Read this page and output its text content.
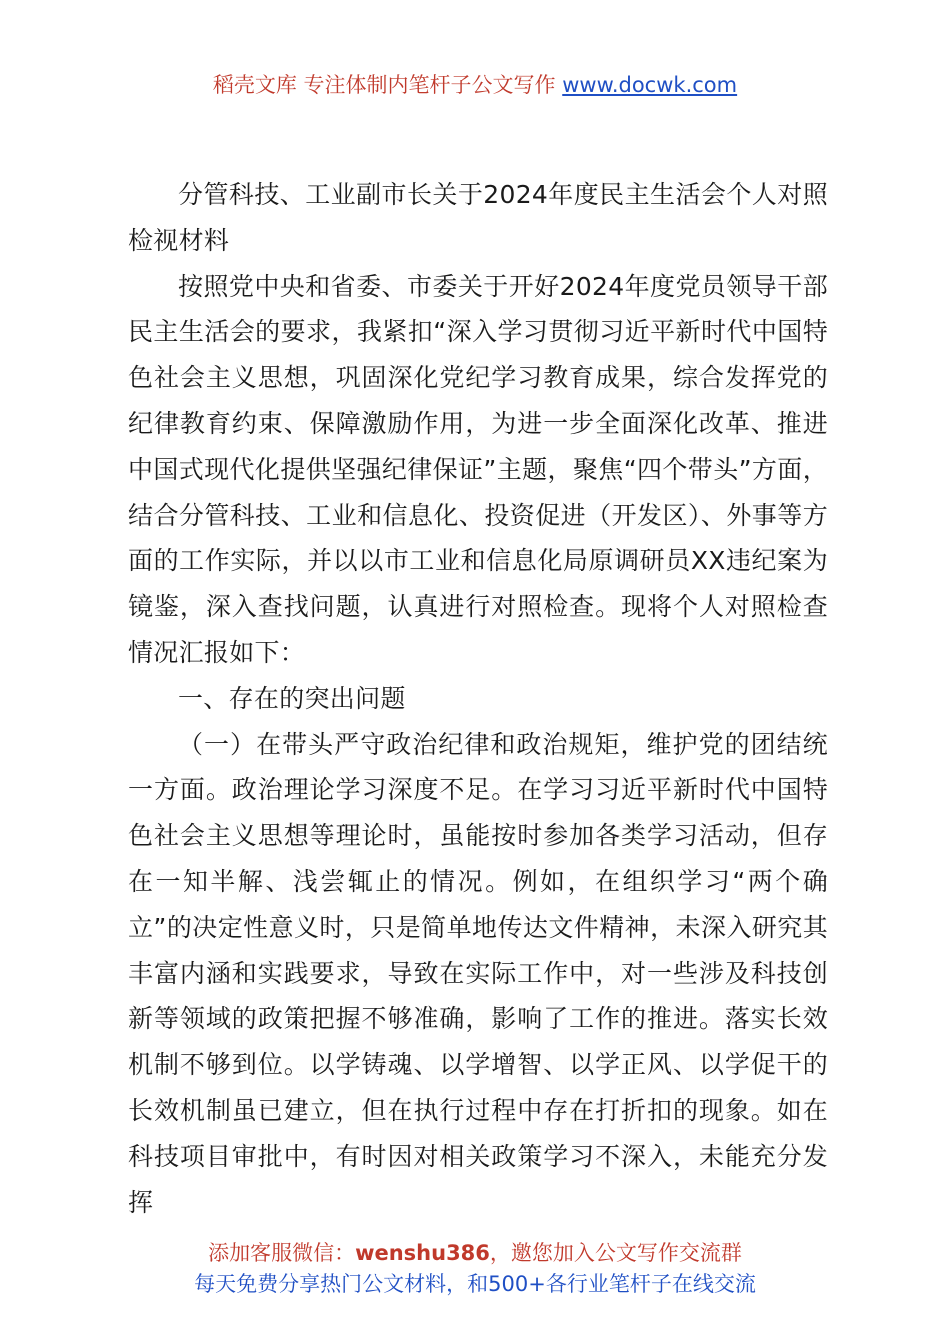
稻壳文库 专注体制内笔杆子公文写作 www.docwk.com

分管科技、工业副市长关于2024年度民主生活会个人对照检视材料

按照党中央和省委、市委关于开好2024年度党员领导干部民主生活会的要求，我紧扣“深入学习贯彻习近平新时代中国特色社会主义思想，巩固深化党纪学习教育成果，综合发挥党的纪律教育约束、保障激励作用，为进一步全面深化改革、推进中国式现代化提供坚强纪律保证”主题，聚焦“四个带头”方面，结合分管科技、工业和信息化、投资促进（开发区）、外事等方面的工作实际，并以以市工业和信息化局原调研员XX违纪案为镜鉴，深入查找问题，认真进行对照检查。现将个人对照检查情况汇报如下：

一、存在的突出问题

（一）在带头严守政治纪律和政治规矩，维护党的团结统一方面。政治理论学习深度不足。在学习习近平新时代中国特色社会主义思想等理论时，虽能按时参加各类学习活动，但存在一知半解、浅尝辄止的情况。例如，在组织学习“两个确立”的决定性意义时，只是简单地传达文件精神，未深入研究其丰富内涵和实践要求，导致在实际工作中，对一些涉及科技创新等领域的政策把握不够准确，影响了工作的推进。落实长效机制不够到位。以学铸魂、以学增智、以学正风、以学促干的长效机制虽已建立，但在执行过程中存在打折扣的现象。如在科技项目审批中，有时因对相关政策学习不深入，未能充分发挥

添加客服微信：wenshu386，邀您加入公文写作交流群
每天免费分享热门公文材料，和500+各行业笔杆子在线交流
